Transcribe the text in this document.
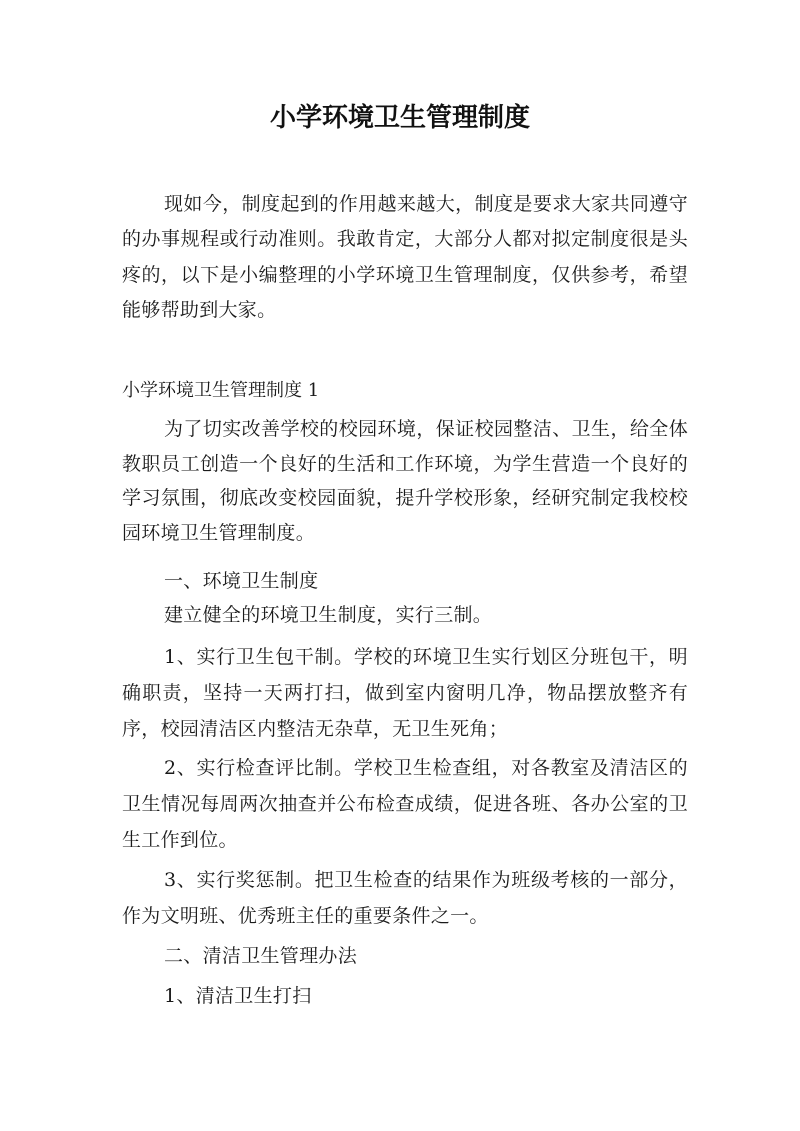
小学环境卫生管理制度

现如今，制度起到的作用越来越大，制度是要求大家共同遵守的办事规程或行动准则。我敢肯定，大部分人都对拟定制度很是头疼的，以下是小编整理的小学环境卫生管理制度，仅供参考，希望能够帮助到大家。

小学环境卫生管理制度 1

为了切实改善学校的校园环境，保证校园整洁、卫生，给全体教职员工创造一个良好的生活和工作环境，为学生营造一个良好的学习氛围，彻底改变校园面貌，提升学校形象，经研究制定我校校园环境卫生管理制度。

一、环境卫生制度

建立健全的环境卫生制度，实行三制。

1、实行卫生包干制。学校的环境卫生实行划区分班包干，明确职责，坚持一天两打扫，做到室内窗明几净，物品摆放整齐有序，校园清洁区内整洁无杂草，无卫生死角；

2、实行检查评比制。学校卫生检查组，对各教室及清洁区的卫生情况每周两次抽查并公布检查成绩，促进各班、各办公室的卫生工作到位。

3、实行奖惩制。把卫生检查的结果作为班级考核的一部分，作为文明班、优秀班主任的重要条件之一。

二、清洁卫生管理办法

1、清洁卫生打扫
